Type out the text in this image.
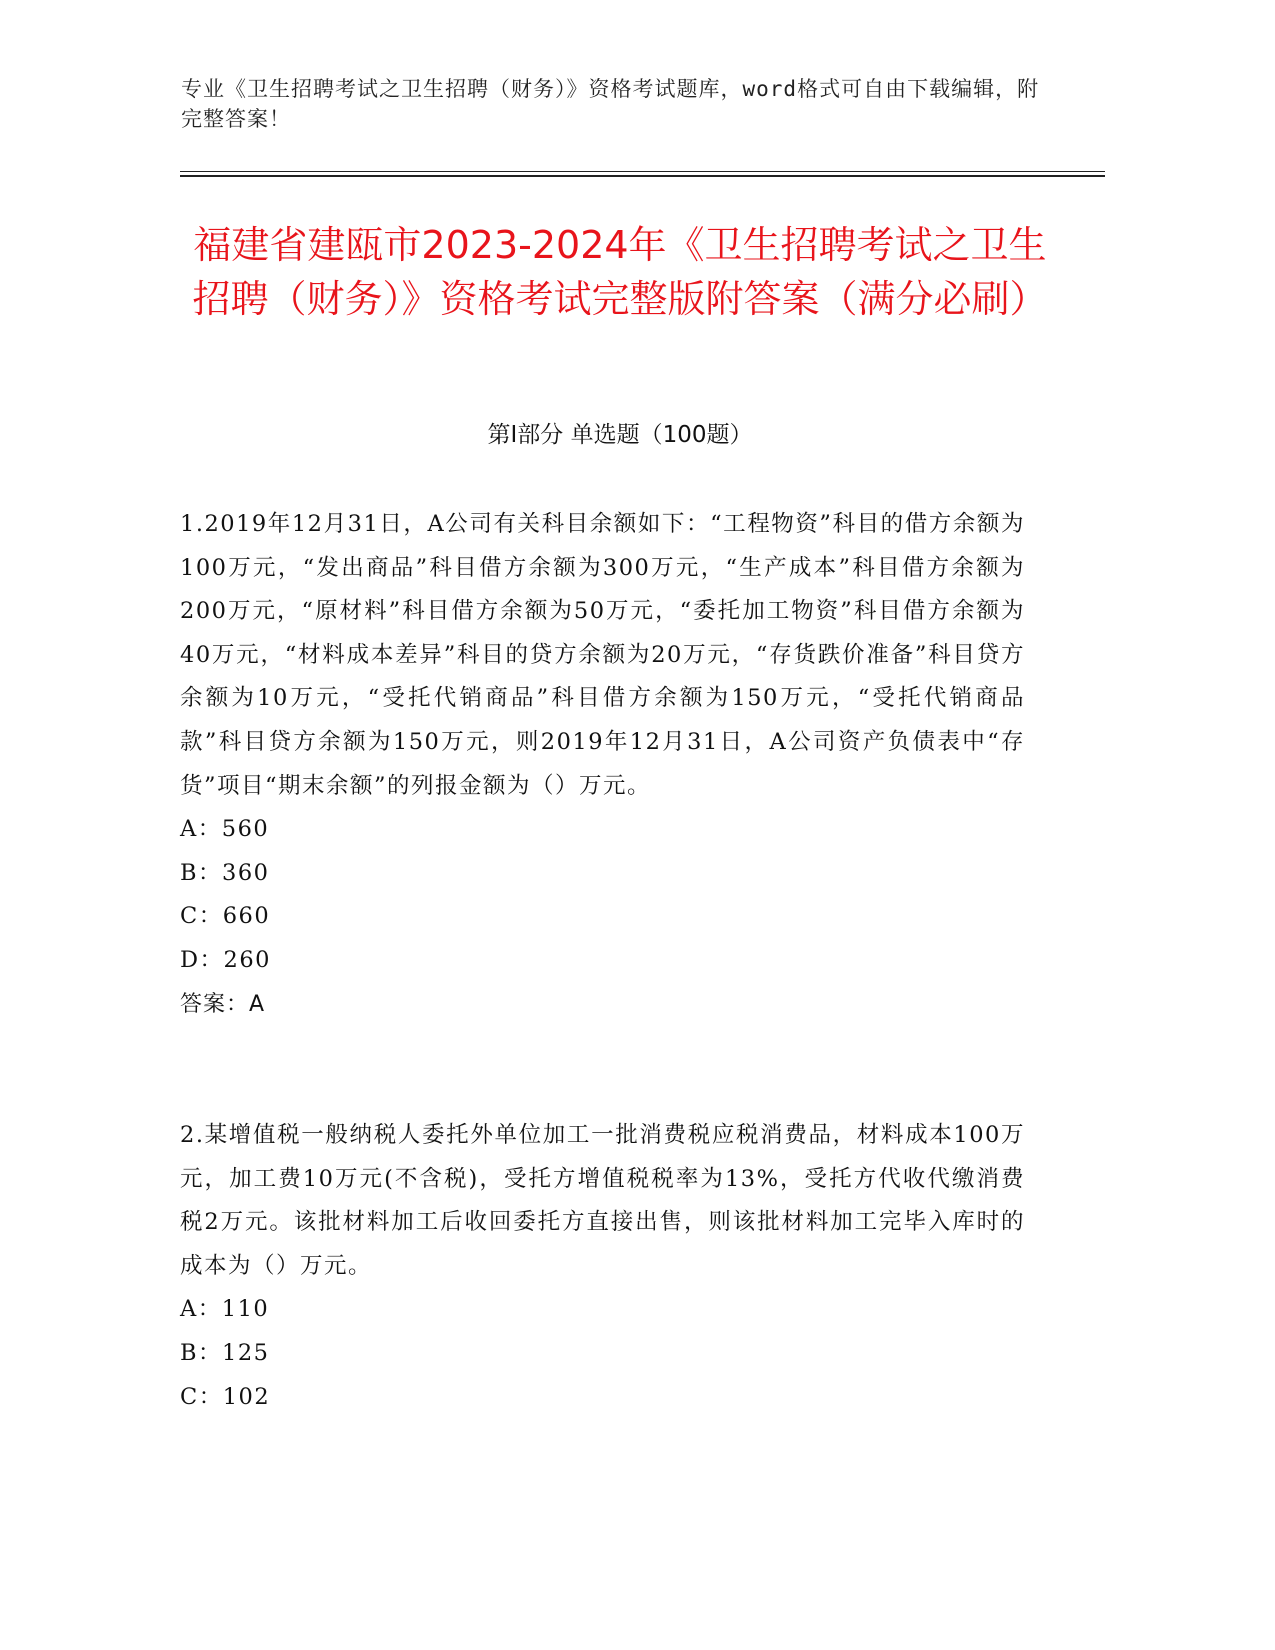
专业《卫生招聘考试之卫生招聘（财务）》资格考试题库，word格式可自由下载编辑，附完整答案！
福建省建瓯市2023-2024年《卫生招聘考试之卫生招聘（财务）》资格考试完整版附答案（满分必刷）
第I部分 单选题（100题）

1.2019年12月31日，A公司有关科目余额如下：“工程物资”科目的借方余额为100万元，“发出商品”科目借方余额为300万元，“生产成本”科目借方余额为200万元，“原材料”科目借方余额为50万元，“委托加工物资”科目借方余额为40万元，“材料成本差异”科目的贷方余额为20万元，“存货跌价准备”科目贷方余额为10万元，“受托代销商品”科目借方余额为150万元，“受托代销商品款”科目贷方余额为150万元，则2019年12月31日，A公司资产负债表中“存货”项目“期末余额”的列报金额为（）万元。

A：560

B：360

C：660

D：260

答案：A

2.某增值税一般纳税人委托外单位加工一批消费税应税消费品，材料成本100万元，加工费10万元(不含税)，受托方增值税税率为13%，受托方代收代缴消费税2万元。该批材料加工后收回委托方直接出售，则该批材料加工完毕入库时的成本为（）万元。

A：110

B：125

C：102
